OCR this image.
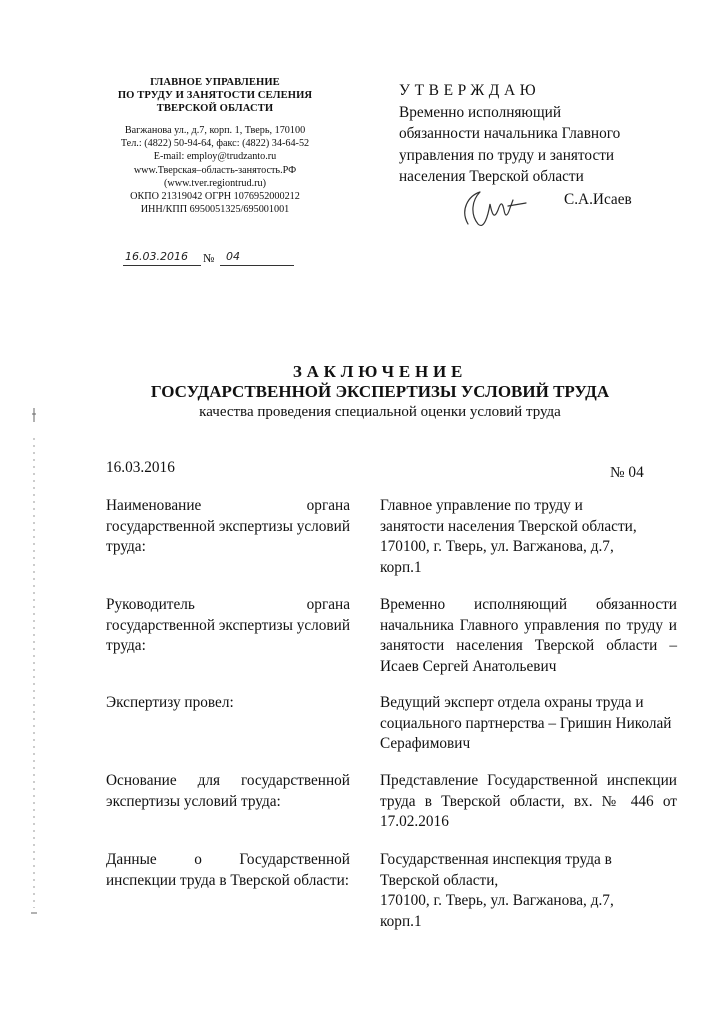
ГЛАВНОЕ УПРАВЛЕНИЕ
ПО ТРУДУ И ЗАНЯТОСТИ СЕЛЕНИЯ
ТВЕРСКОЙ ОБЛАСТИ
Вагжанова ул., д.7, корп. 1, Тверь, 170100
Тел.: (4822) 50-94-64, факс: (4822) 34-64-52
E-mail: employ@trudzanto.ru
www.Тверская–область-занятость.РФ
(www.tver.regiontrud.ru)
ОКПО 21319042 ОГРН 1076952000212
ИНН/КПП 6950051325/695001001
16.03.2016 № 04
УТВЕРЖДАЮ
Временно исполняющий
обязанности начальника Главного
управления по труду и занятости
населения Тверской области
С.А.Исаев
ЗАКЛЮЧЕНИЕ
ГОСУДАРСТВЕННОЙ ЭКСПЕРТИЗЫ УСЛОВИЙ ТРУДА
качества проведения специальной оценки условий труда
16.03.2016	№ 04
Наименование органа государственной экспертизы условий труда:
Главное управление по труду и
занятости населения Тверской области,
170100, г. Тверь, ул. Вагжанова, д.7,
корп.1
Руководитель органа государственной экспертизы условий труда:
Временно исполняющий обязанности начальника Главного управления по труду и занятости населения Тверской области – Исаев Сергей Анатольевич
Экспертизу провел:	Ведущий эксперт отдела охраны труда и социального партнерства – Гришин Николай Серафимович
Основание для государственной экспертизы условий труда:
Представление Государственной инспекции труда в Тверской области, вх. № 446 от 17.02.2016
Данные о Государственной инспекции труда в Тверской области:
Государственная инспекция труда в
Тверской области,
170100, г. Тверь, ул. Вагжанова, д.7,
корп.1
